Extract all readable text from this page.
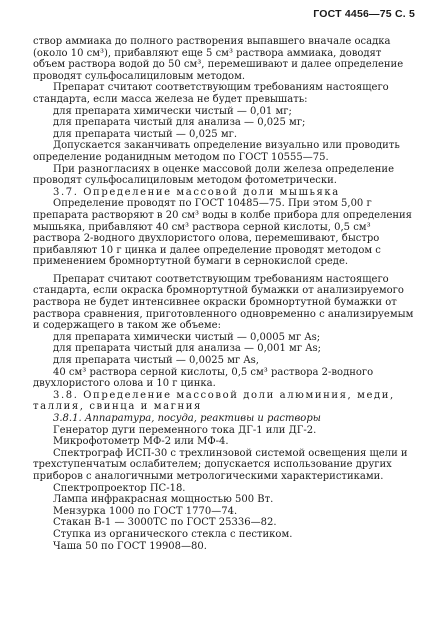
ГОСТ 4456—75 С. 5

створ аммиака до полного растворения выпавшего вначале осадка (около 10 см³), прибавляют еще 5 см³ раствора аммиака, доводят объем раствора водой до 50 см³, перемешивают и далее определение проводят сульфосалициловым методом.

Препарат считают соответствующим требованиям настоящего стандарта, если масса железа не будет превышать:

для препарата химически чистый — 0,01 мг;

для препарата чистый для анализа — 0,025 мг;

для препарата чистый — 0,025 мг.

Допускается заканчивать определение визуально или проводить определение роданидным методом по ГОСТ 10555—75.

При разногласиях в оценке массовой доли железа определение проводят сульфосалициловым методом фотометрически.

3.7. Определение массовой доли мышьяка

Определение проводят по ГОСТ 10485—75. При этом 5,00 г препарата растворяют в 20 см³ воды в колбе прибора для определения мышьяка, прибавляют 40 см³ раствора серной кислоты, 0,5 см³ раствора 2-водного двухлористого олова, перемешивают, быстро прибавляют 10 г цинка и далее определение проводят методом с применением бромнортутной бумаги в сернокислой среде.

Препарат считают соответствующим требованиям настоящего стандарта, если окраска бромнортутной бумажки от анализируемого раствора не будет интенсивнее окраски бромнортутной бумажки от раствора сравнения, приготовленного одновременно с анализируемым и содержащего в таком же объеме:

для препарата химически чистый — 0,0005 мг As;

для препарата чистый для анализа — 0,001 мг As;

для препарата чистый — 0,0025 мг As,

40 см³ раствора серной кислоты, 0,5 см³ раствора 2-водного двухлористого олова и 10 г цинка.

3.8. Определение массовой доли алюминия, меди, таллия, свинца и магния

3.8.1. Аппаратура, посуда, реактивы и растворы

Генератор дуги переменного тока ДГ-1 или ДГ-2.

Микрофотометр МФ-2 или МФ-4.

Спектрограф ИСП-30 с трехлинзовой системой освещения щели и трехступенчатым ослабителем; допускается использование других приборов с аналогичными метрологическими характеристиками.

Спектропроектор ПС-18.

Лампа инфракрасная мощностью 500 Вт.

Мензурка 1000 по ГОСТ 1770—74.

Стакан В-1 — 3000ТС по ГОСТ 25336—82.

Ступка из органического стекла с пестиком.

Чаша 50 по ГОСТ 19908—80.
